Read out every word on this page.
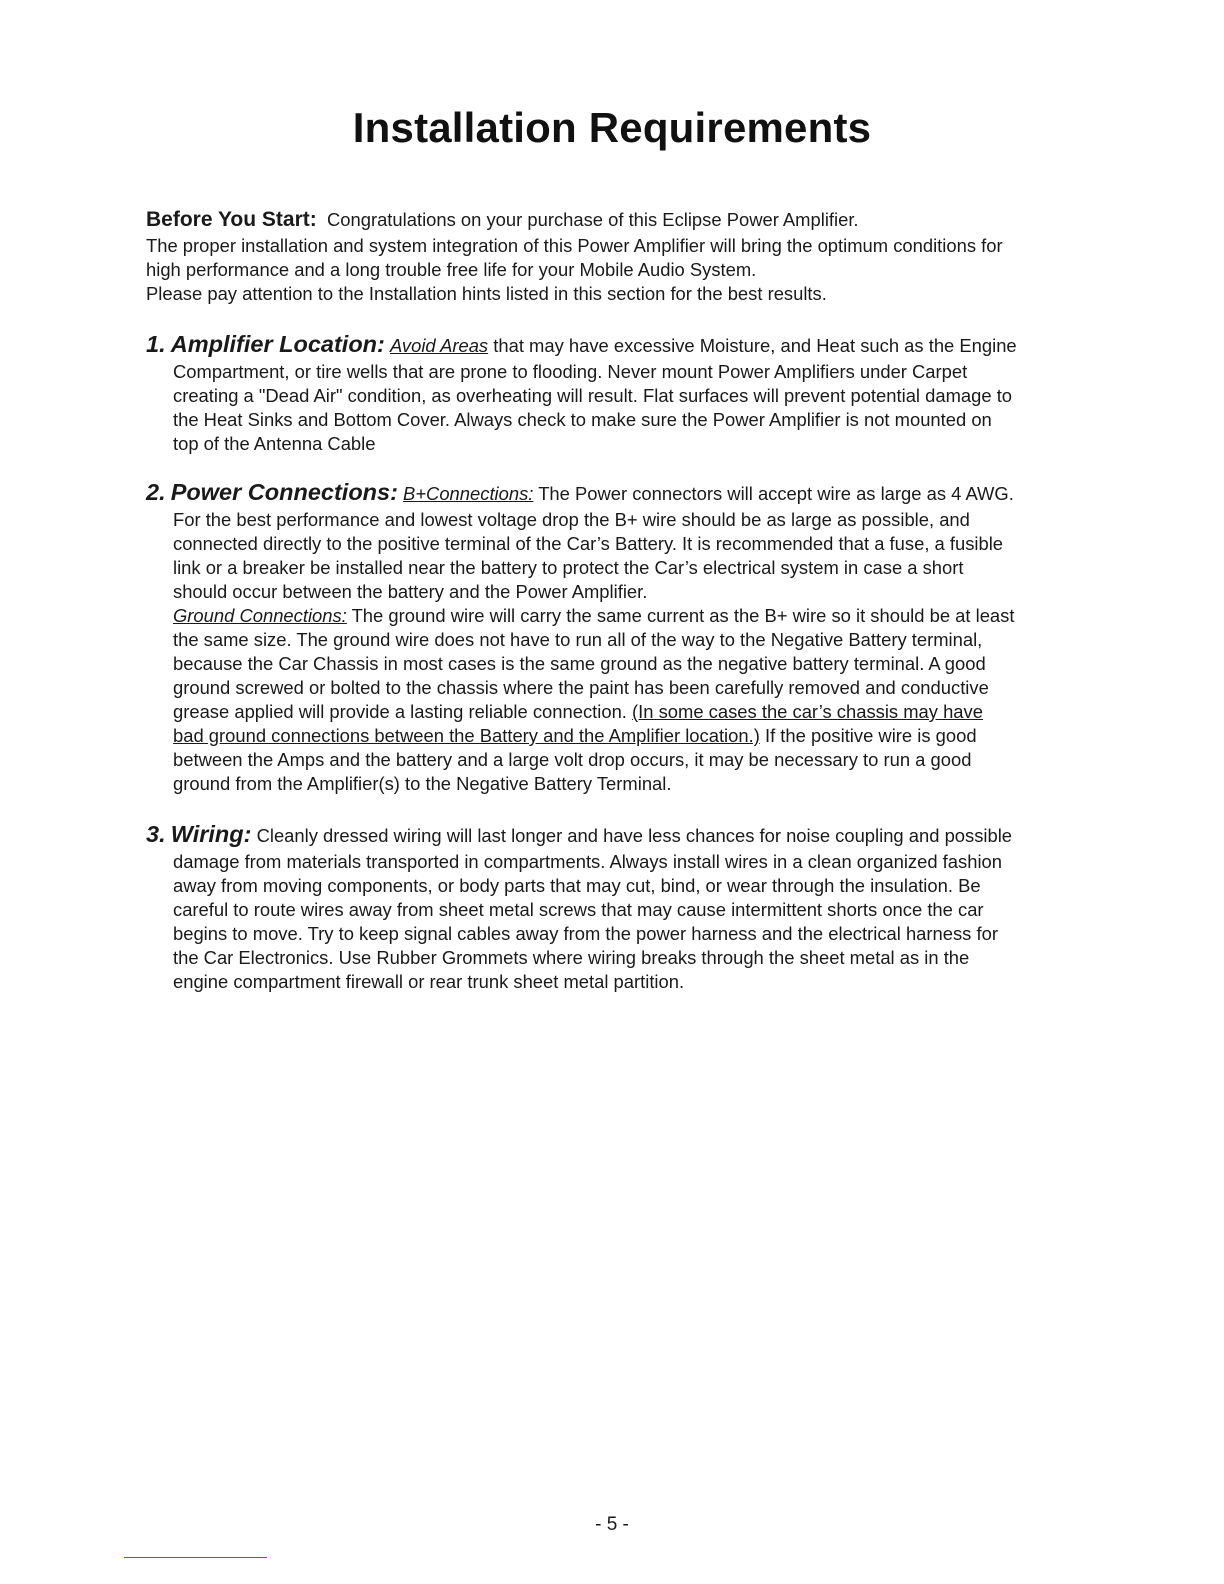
Installation Requirements
Before You Start: Congratulations on your purchase of this Eclipse Power Amplifier.
The proper installation and system integration of this Power Amplifier will bring the optimum conditions for
high performance and a long trouble free life for your Mobile Audio System.
Please pay attention to the Installation hints listed in this section for the best results.
1. Amplifier Location: Avoid Areas that may have excessive Moisture, and Heat such as the Engine
Compartment, or tire wells that are prone to flooding. Never mount Power Amplifiers under Carpet
creating a "Dead Air" condition, as overheating will result. Flat surfaces will prevent potential damage to
the Heat Sinks and Bottom Cover. Always check to make sure the Power Amplifier is not mounted on
top of the Antenna Cable
2. Power Connections: B+Connections: The Power connectors will accept wire as large as 4 AWG.
For the best performance and lowest voltage drop the B+ wire should be as large as possible, and
connected directly to the positive terminal of the Car’s Battery. It is recommended that a fuse, a fusible
link or a breaker be installed near the battery to protect the Car’s electrical system in case a short
should occur between the battery and the Power Amplifier.
Ground Connections: The ground wire will carry the same current as the B+ wire so it should be at least
the same size. The ground wire does not have to run all of the way to the Negative Battery terminal,
because the Car Chassis in most cases is the same ground as the negative battery terminal. A good
ground screwed or bolted to the chassis where the paint has been carefully removed and conductive
grease applied will provide a lasting reliable connection. (In some cases the car’s chassis may have
bad ground connections between the Battery and the Amplifier location.) If the positive wire is good
between the Amps and the battery and a large volt drop occurs, it may be necessary to run a good
ground from the Amplifier(s) to the Negative Battery Terminal.
3. Wiring: Cleanly dressed wiring will last longer and have less chances for noise coupling and possible
damage from materials transported in compartments. Always install wires in a clean organized fashion
away from moving components, or body parts that may cut, bind, or wear through the insulation. Be
careful to route wires away from sheet metal screws that may cause intermittent shorts once the car
begins to move. Try to keep signal cables away from the power harness and the electrical harness for
the Car Electronics. Use Rubber Grommets where wiring breaks through the sheet metal as in the
engine compartment firewall or rear trunk sheet metal partition.
- 5 -
